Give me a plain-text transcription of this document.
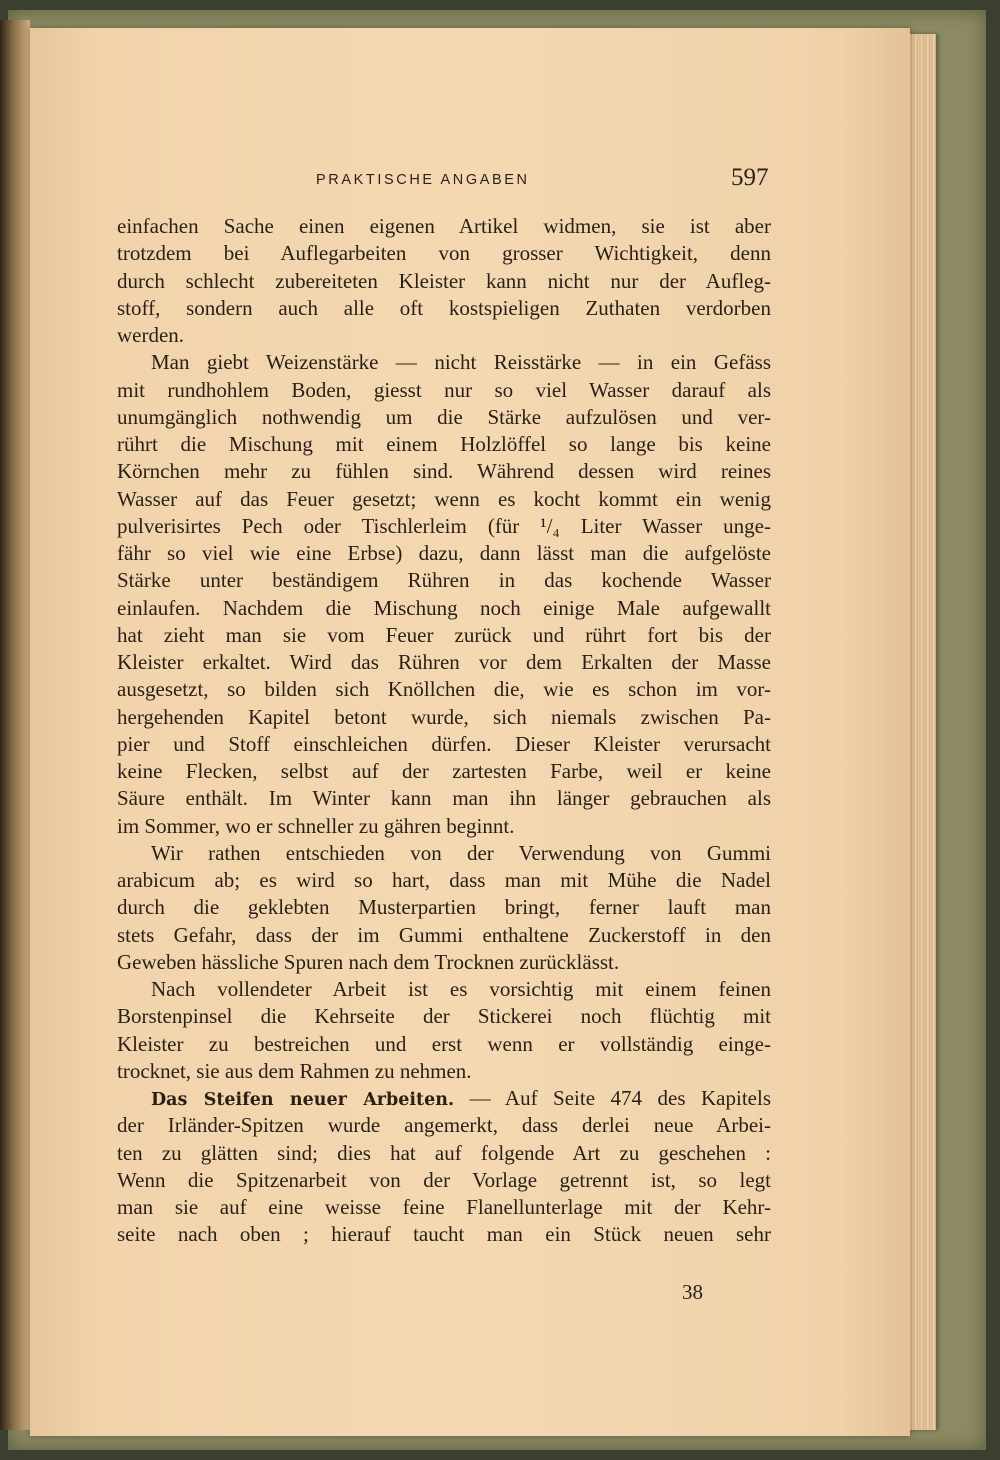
PRAKTISCHE ANGABEN	597
einfachen Sache einen eigenen Artikel widmen, sie ist aber
trotzdem bei Auflegarbeiten von grosser Wichtigkeit, denn
durch schlecht zubereiteten Kleister kann nicht nur der Aufleg-
stoff, sondern auch alle oft kostspieligen Zuthaten verdorben
werden.
Man giebt Weizenstärke — nicht Reisstärke — in ein Gefäss
mit rundhohlem Boden, giesst nur so viel Wasser darauf als
unumgänglich nothwendig um die Stärke aufzulösen und ver-
rührt die Mischung mit einem Holzlöffel so lange bis keine
Körnchen mehr zu fühlen sind. Während dessen wird reines
Wasser auf das Feuer gesetzt; wenn es kocht kommt ein wenig
pulverisirtes Pech oder Tischlerleim (für ¹/₄ Liter Wasser unge-
fähr so viel wie eine Erbse) dazu, dann lässt man die aufgelöste
Stärke unter beständigem Rühren in das kochende Wasser
einlaufen. Nachdem die Mischung noch einige Male aufgewallt
hat zieht man sie vom Feuer zurück und rührt fort bis der
Kleister erkaltet. Wird das Rühren vor dem Erkalten der Masse
ausgesetzt, so bilden sich Knöllchen die, wie es schon im vor-
hergehenden Kapitel betont wurde, sich niemals zwischen Pa-
pier und Stoff einschleichen dürfen. Dieser Kleister verursacht
keine Flecken, selbst auf der zartesten Farbe, weil er keine
Säure enthält. Im Winter kann man ihn länger gebrauchen als
im Sommer, wo er schneller zu gähren beginnt.
Wir rathen entschieden von der Verwendung von Gummi
arabicum ab; es wird so hart, dass man mit Mühe die Nadel
durch die geklebten Musterpartien bringt, ferner lauft man
stets Gefahr, dass der im Gummi enthaltene Zuckerstoff in den
Geweben hässliche Spuren nach dem Trocknen zurücklässt.
Nach vollendeter Arbeit ist es vorsichtig mit einem feinen
Borstenpinsel die Kehrseite der Stickerei noch flüchtig mit
Kleister zu bestreichen und erst wenn er vollständig einge-
trocknet, sie aus dem Rahmen zu nehmen.
Das Steifen neuer Arbeiten. — Auf Seite 474 des Kapitels
der Irländer-Spitzen wurde angemerkt, dass derlei neue Arbei-
ten zu glätten sind; dies hat auf folgende Art zu geschehen :
Wenn die Spitzenarbeit von der Vorlage getrennt ist, so legt
man sie auf eine weisse feine Flanellunterlage mit der Kehr-
seite nach oben ; hierauf taucht man ein Stück neuen sehr
38
